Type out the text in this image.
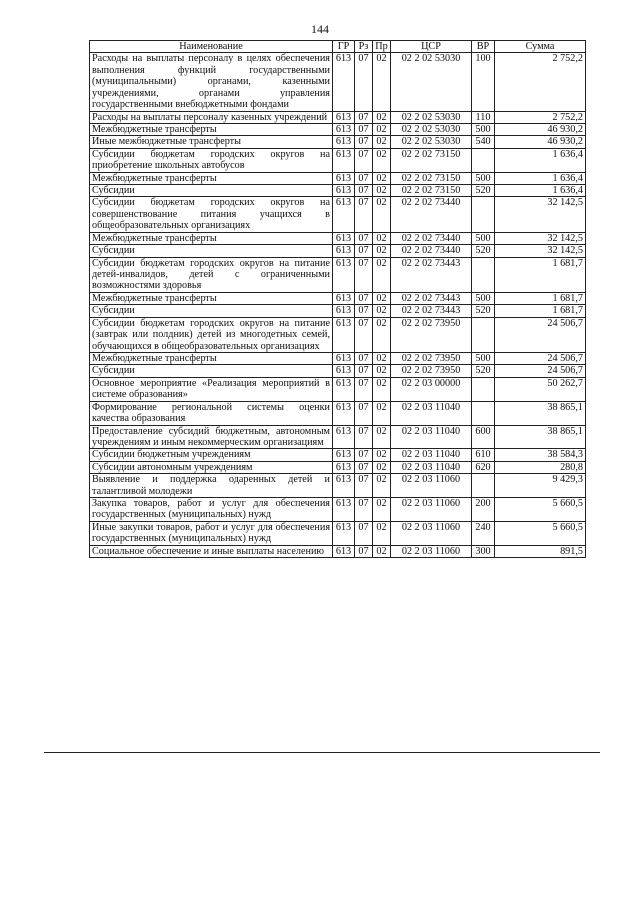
144
Наименование	ГР	Рз	Пр	ЦСР	ВР	Сумма
Расходы на выплаты персоналу в целях обеспечения выполнения функций государственными (муниципальными) органами, казенными учреждениями, органами управления государственными внебюджетными фондами	613	07	02	02 2 02 53030	100	2 752,2
Расходы на выплаты персоналу казенных учреждений	613	07	02	02 2 02 53030	110	2 752,2
Межбюджетные трансферты	613	07	02	02 2 02 53030	500	46 930,2
Иные межбюджетные трансферты	613	07	02	02 2 02 53030	540	46 930,2
Субсидии бюджетам городских округов на приобретение школьных автобусов	613	07	02	02 2 02 73150		1 636,4
Межбюджетные трансферты	613	07	02	02 2 02 73150	500	1 636,4
Субсидии	613	07	02	02 2 02 73150	520	1 636,4
Субсидии бюджетам городских округов на совершенствование питания учащихся в общеобразовательных организациях	613	07	02	02 2 02 73440		32 142,5
Межбюджетные трансферты	613	07	02	02 2 02 73440	500	32 142,5
Субсидии	613	07	02	02 2 02 73440	520	32 142,5
Субсидии бюджетам городских округов на питание детей-инвалидов, детей с ограниченными возможностями здоровья	613	07	02	02 2 02 73443		1 681,7
Межбюджетные трансферты	613	07	02	02 2 02 73443	500	1 681,7
Субсидии	613	07	02	02 2 02 73443	520	1 681,7
Субсидии бюджетам городских округов на питание (завтрак или полдник) детей из многодетных семей, обучающихся в общеобразовательных организациях	613	07	02	02 2 02 73950		24 506,7
Межбюджетные трансферты	613	07	02	02 2 02 73950	500	24 506,7
Субсидии	613	07	02	02 2 02 73950	520	24 506,7
Основное мероприятие «Реализация мероприятий в системе образования»	613	07	02	02 2 03 00000		50 262,7
Формирование региональной системы оценки качества образования	613	07	02	02 2 03 11040		38 865,1
Предоставление субсидий бюджетным, автономным учреждениям и иным некоммерческим организациям	613	07	02	02 2 03 11040	600	38 865,1
Субсидии бюджетным учреждениям	613	07	02	02 2 03 11040	610	38 584,3
Субсидии автономным учреждениям	613	07	02	02 2 03 11040	620	280,8
Выявление и поддержка одаренных детей и талантливой молодежи	613	07	02	02 2 03 11060		9 429,3
Закупка товаров, работ и услуг для обеспечения государственных (муниципальных) нужд	613	07	02	02 2 03 11060	200	5 660,5
Иные закупки товаров, работ и услуг для обеспечения государственных (муниципальных) нужд	613	07	02	02 2 03 11060	240	5 660,5
Социальное обеспечение и иные выплаты населению	613	07	02	02 2 03 11060	300	891,5
